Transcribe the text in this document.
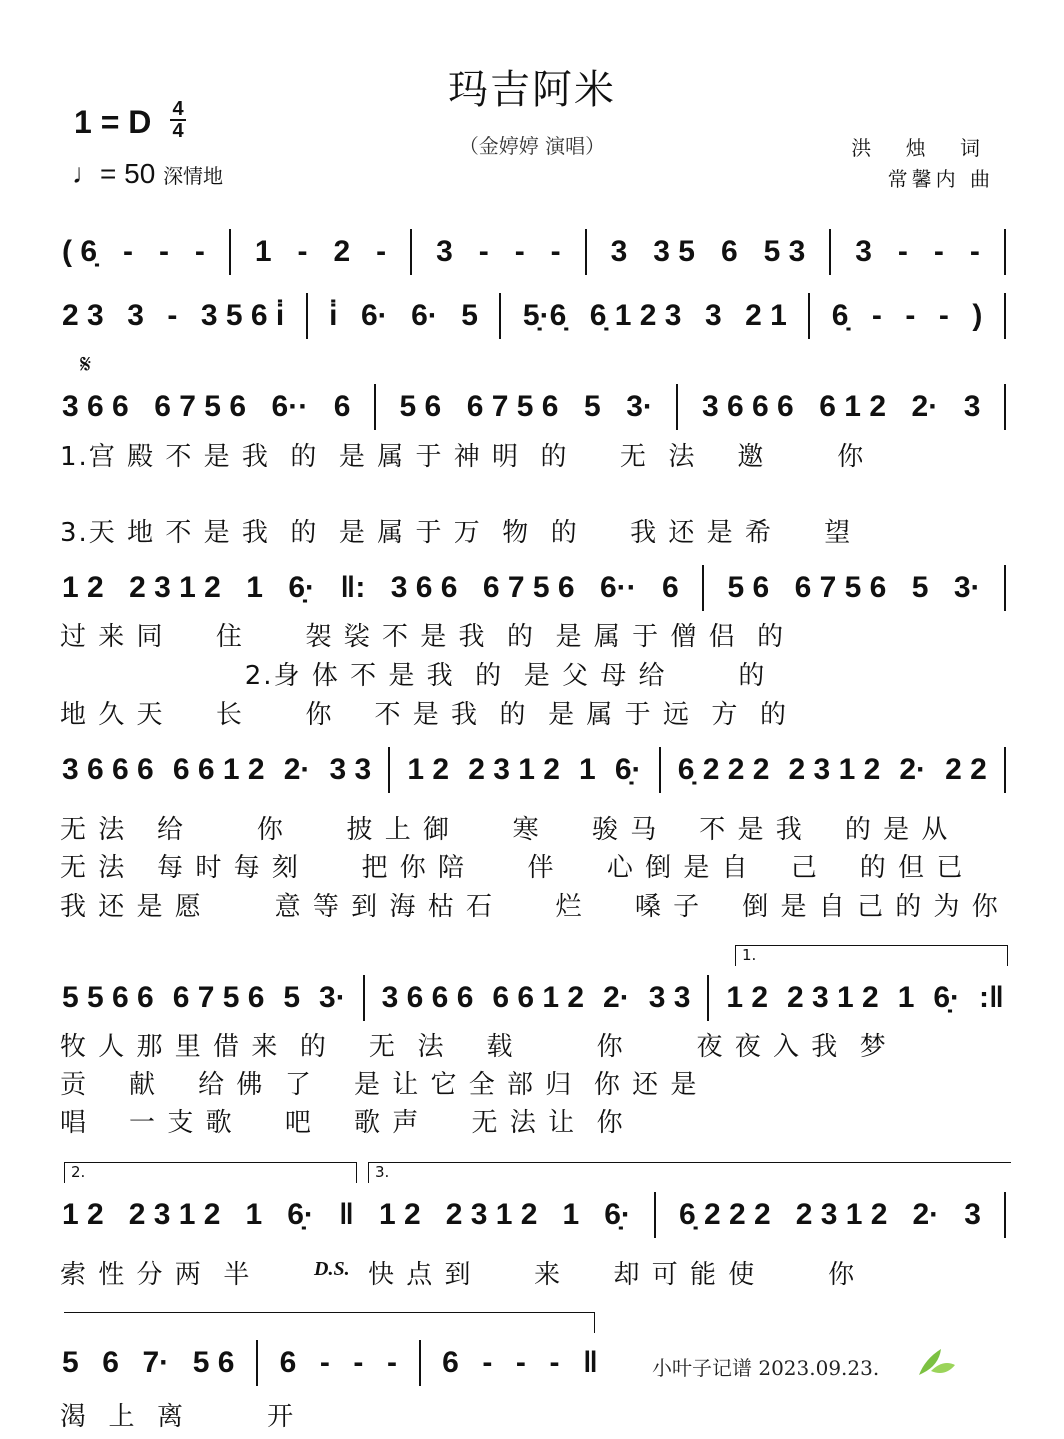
玛吉阿米
（金婷婷 演唱）
1 = D 4
4
♩= 50 深情地
洪 烛 词
常馨内 曲
𝄋
( 6̣ - - - 1 - 2 - 3 - - - 3 3 5 6 5 3 3 - - -
2 3 3 - 3 5 6 i̇ i̇ 6· 6· 5 5̣·6̣ 6̣ 1 2 3 3 2 1 6̣ - - - )
3 6 6 6 7 5 6 6·· 6 5 6 6 7 5 6 5 3· 3 6 6 6 6 1 2 2· 3
1 2 2 3 1 2 1 6̣· ‖: 3 6 6 6 7 5 6 6·· 6 5 6 6 7 5 6 5 3·
3 6 6 6 6 6 1 2 2· 3 3 1 2 2 3 1 2 1 6̣· 6̣ 2 2 2 2 3 1 2 2· 2 2
5 5 6 6 6 7 5 6 5 3· 3 6 6 6 6 6 1 2 2· 3 3 1 2 2 3 1 2 1 6̣· :‖
1 2 2 3 1 2 1 6̣· ‖ 1 2 2 3 1 2 1 6̣· 6̣ 2 2 2 2 3 1 2 2· 3
5 6 7· 5 6 6 - - - 6 - - - ‖
1.宫 殿 不 是 我  的  是 属 于 神 明  的     无  法    邀       你
3.天 地 不 是 我  的  是 属 于 万  物  的     我 还 是 希     望
过 来 同     住      袈 裟 不 是 我  的  是 属 于 僧 侣  的
2.身 体 不 是 我  的  是 父 母 给       的
地 久 天     长      你    不 是 我  的  是 属 于 远  方  的
无 法   给       你      披 上 御      寒     骏 马    不 是 我    的 是 从
无 法   每 时 每 刻      把 你 陪      伴     心 倒 是 自    己    的 但 已
我 还 是 愿       意 等 到 海 枯 石      烂     嗓 子    倒 是 自 己 的 为 你
牧 人 那 里 借 来  的    无  法    载        你       夜 夜 入 我  梦
贡    献    给 佛  了    是 让 它 全 部 归  你 还 是
唱    一 支 歌     吧    歌 声     无 法 让  你
索 性 分 两  半	D.S. 快 点 到      来     却 可 能 使       你
渴  上  离        开
1.
2.	3.
小叶子记谱 2023.09.23.
